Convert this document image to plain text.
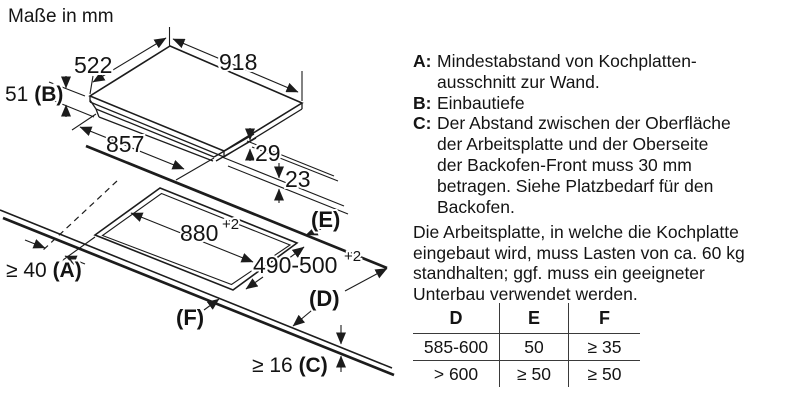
Maße in mm
522	918
51 (B)
857	29
23
880 +2
490-500 +2
(E)
(D)
(F)
≥ 40 (A)
≥ 16 (C)
A: Mindestabstand von Kochplatten-
ausschnitt zur Wand.
B: Einbautiefe
C: Der Abstand zwischen der Oberfläche
der Arbeitsplatte und der Oberseite
der Backofen-Front muss 30 mm
betragen. Siehe Platzbedarf für den
Backofen.
Die Arbeitsplatte, in welche die Kochplatte
eingebaut wird, muss Lasten von ca. 60 kg
standhalten; ggf. muss ein geeigneter
Unterbau verwendet werden.
D	E	F
585-600	50	≥ 35
> 600	≥ 50	≥ 50
